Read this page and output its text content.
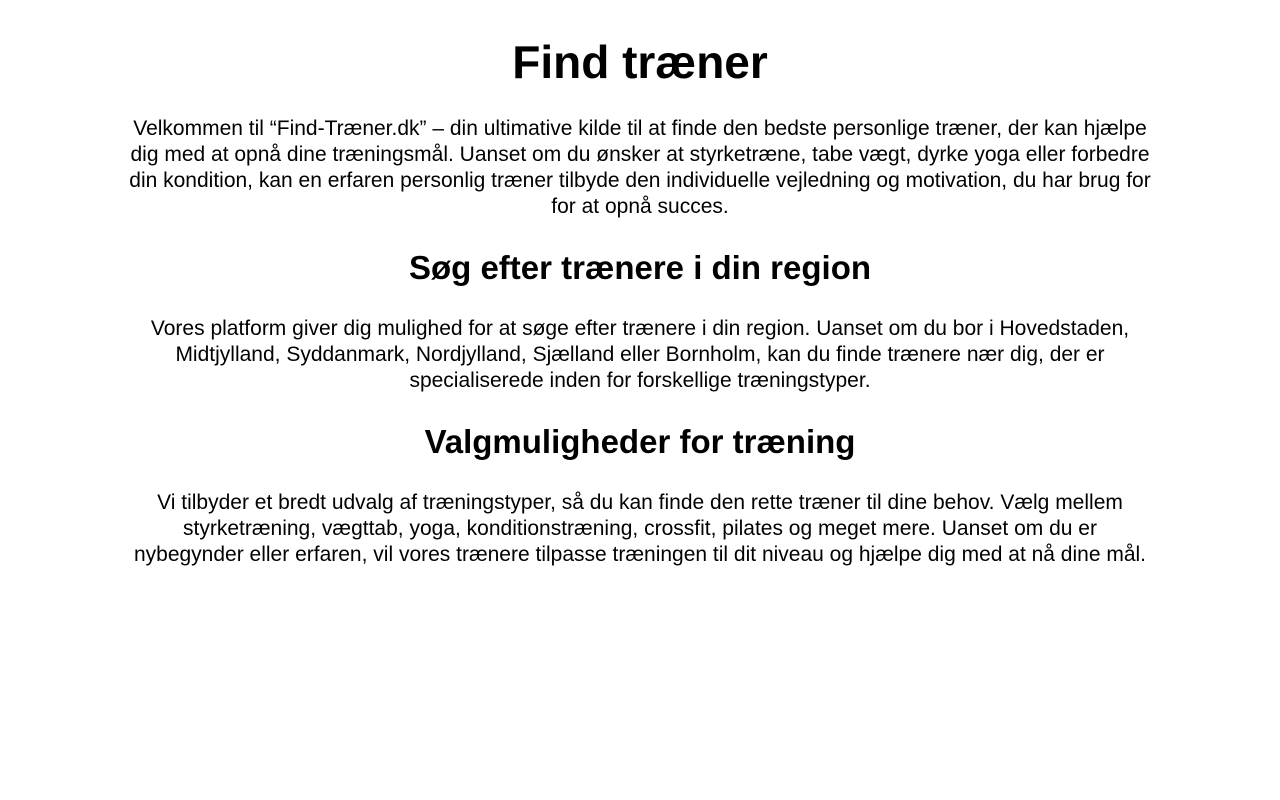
Find træner

Velkommen til “Find-Træner.dk” – din ultimative kilde til at finde den bedste personlige træner, der kan hjælpe dig med at opnå dine træningsmål. Uanset om du ønsker at styrketræne, tabe vægt, dyrke yoga eller forbedre din kondition, kan en erfaren personlig træner tilbyde den individuelle vejledning og motivation, du har brug for for at opnå succes.

Søg efter trænere i din region

Vores platform giver dig mulighed for at søge efter trænere i din region. Uanset om du bor i Hovedstaden, Midtjylland, Syddanmark, Nordjylland, Sjælland eller Bornholm, kan du finde trænere nær dig, der er specialiserede inden for forskellige træningstyper.

Valgmuligheder for træning

Vi tilbyder et bredt udvalg af træningstyper, så du kan finde den rette træner til dine behov. Vælg mellem styrketræning, vægttab, yoga, konditionstræning, crossfit, pilates og meget mere. Uanset om du er nybegynder eller erfaren, vil vores trænere tilpasse træningen til dit niveau og hjælpe dig med at nå dine mål.
